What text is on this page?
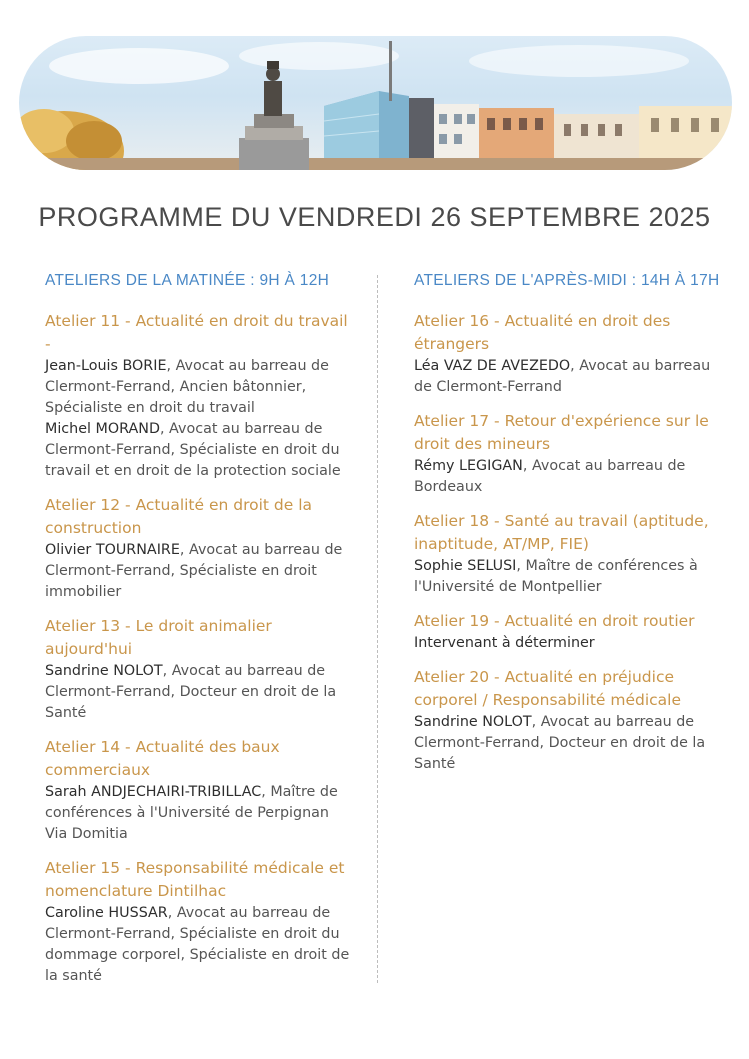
PROGRAMME DU VENDREDI 26 SEPTEMBRE 2025

ATELIERS DE LA MATINÉE : 9H À 12H

Atelier 11 - Actualité en droit du travail -

Jean-Louis BORIE, Avocat au barreau de Clermont-Ferrand, Ancien bâtonnier, Spécialiste en droit du travail

Michel MORAND, Avocat au barreau de Clermont-Ferrand, Spécialiste en droit du travail et en droit de la protection sociale

Atelier 12 - Actualité en droit de la construction

Olivier TOURNAIRE, Avocat au barreau de Clermont-Ferrand, Spécialiste en droit immobilier

Atelier 13 - Le droit animalier aujourd'hui

Sandrine NOLOT, Avocat au barreau de Clermont-Ferrand, Docteur en droit de la Santé

Atelier 14 - Actualité des baux commerciaux

Sarah ANDJECHAIRI-TRIBILLAC, Maître de conférences à l'Université de Perpignan Via Domitia

Atelier 15 - Responsabilité médicale et nomenclature Dintilhac

Caroline HUSSAR, Avocat au barreau de Clermont-Ferrand, Spécialiste en droit du dommage corporel, Spécialiste en droit de la santé

ATELIERS DE L'APRÈS-MIDI : 14H À 17H

Atelier 16 - Actualité en droit des étrangers

Léa VAZ DE AVEZEDO, Avocat au barreau de Clermont-Ferrand

Atelier 17 - Retour d'expérience sur le droit des mineurs

Rémy LEGIGAN, Avocat au barreau de Bordeaux

Atelier 18 - Santé au travail (aptitude, inaptitude, AT/MP, FIE)

Sophie SELUSI, Maître de conférences à l'Université de Montpellier

Atelier 19 - Actualité en droit routier

Intervenant à déterminer

Atelier 20 - Actualité en préjudice corporel / Responsabilité médicale

Sandrine NOLOT, Avocat au barreau de Clermont-Ferrand, Docteur en droit de la Santé
